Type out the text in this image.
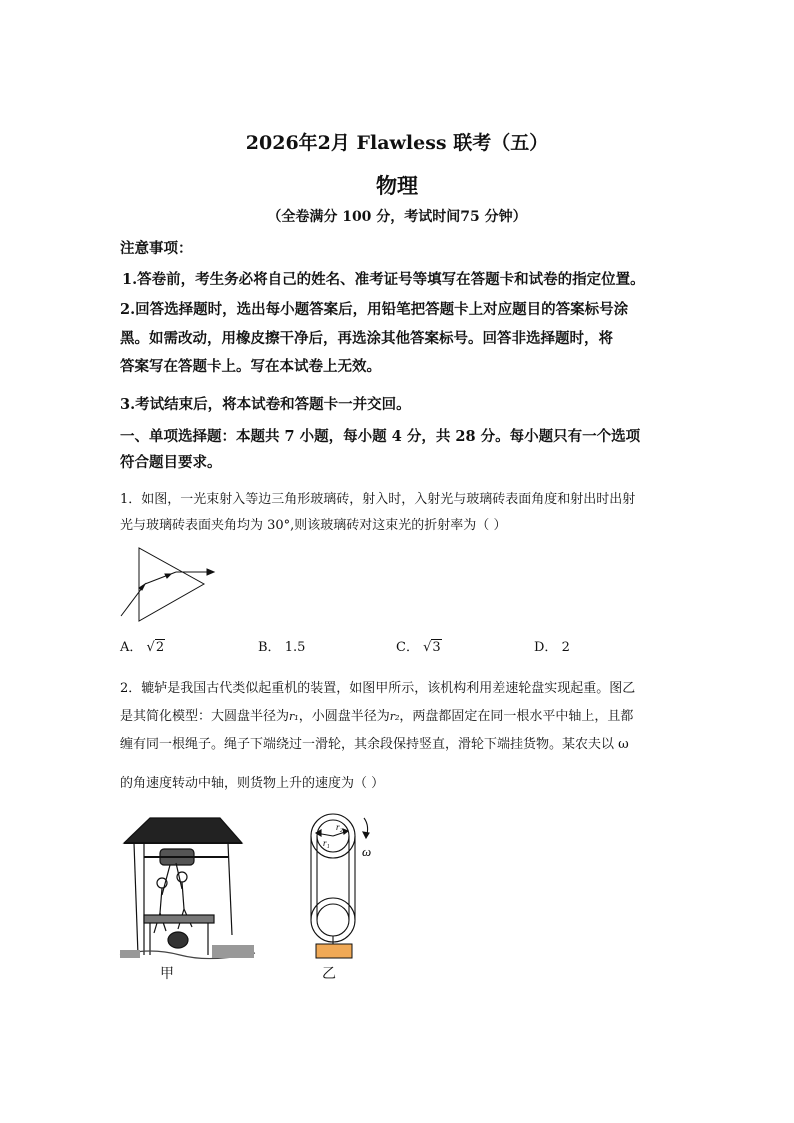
2026年2月 Flawless 联考（五）
物理
（全卷满分 100 分，考试时间75 分钟）
注意事项：
1.答卷前，考生务必将自己的姓名、准考证号等填写在答题卡和试卷的指定位置。
2.回答选择题时，选出每小题答案后，用铅笔把答题卡上对应题目的答案标号涂
黑。如需改动，用橡皮擦干净后，再选涂其他答案标号。回答非选择题时，将
答案写在答题卡上。写在本试卷上无效。
3.考试结束后，将本试卷和答题卡一并交回。
一、单项选择题：本题共 7 小题，每小题 4 分，共 28 分。每小题只有一个选项
符合题目要求。
1．如图，一光束射入等边三角形玻璃砖，射入时，入射光与玻璃砖表面角度和射出时出射
光与玻璃砖表面夹角均为 30°,则该玻璃砖对这束光的折射率为（ ）
A． √2	B． 1.5	C． √3	D． 2
2．辘轳是我国古代类似起重机的装置，如图甲所示，该机构利用差速轮盘实现起重。图乙
是其简化模型：大圆盘半径为r₁，小圆盘半径为r₂，两盘都固定在同一根水平中轴上，且都
缠有同一根绳子。绳子下端绕过一滑轮，其余段保持竖直，滑轮下端挂货物。某农夫以 ω
的角速度转动中轴，则货物上升的速度为（ ）
甲
r₂
r₁
ω
乙
